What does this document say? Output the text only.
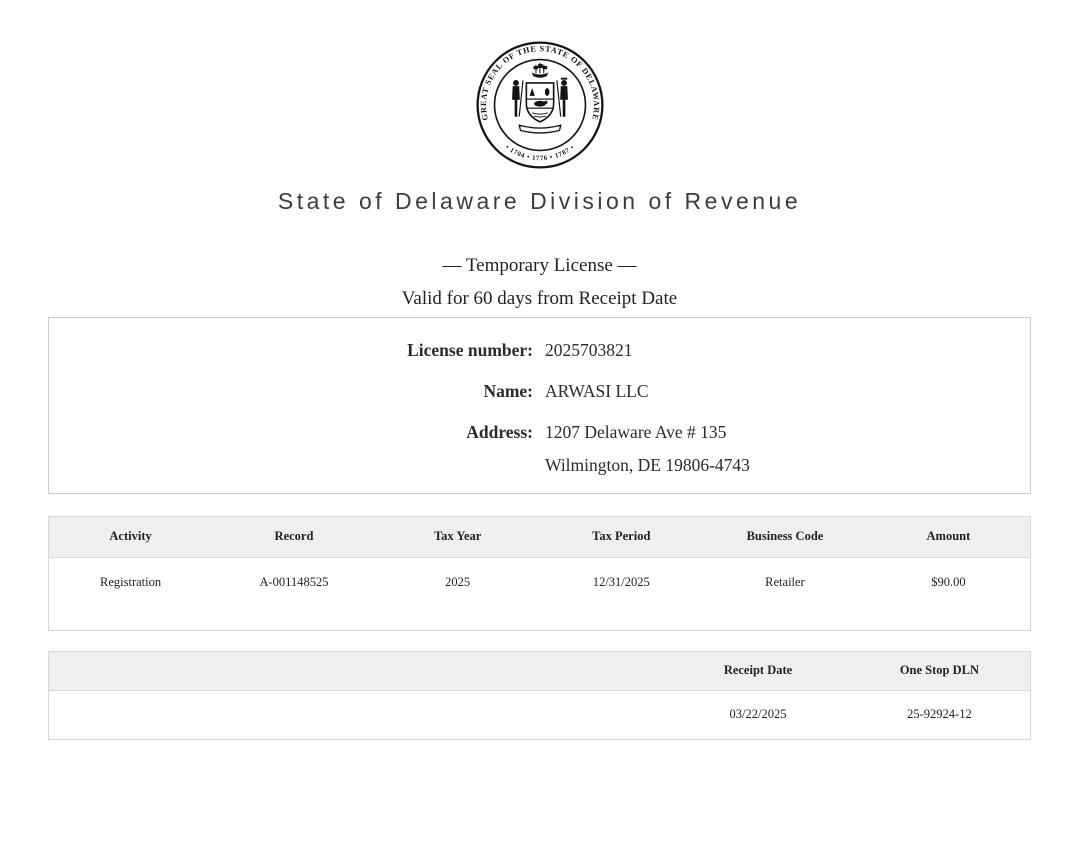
GREAT SEAL OF THE STATE OF DELAWARE
• 1704 • 1776 • 1787 •
State of Delaware Division of Revenue
— Temporary License —
Valid for 60 days from Receipt Date
License number: 2025703821
Name: ARWASI LLC
Address: 1207 Delaware Ave # 135
Wilmington, DE 19806-4743
Activity	Record	Tax Year	Tax Period	Business Code	Amount
Registration	A-001148525	2025	12/31/2025	Retailer	$90.00
	Receipt Date	One Stop DLN
	03/22/2025	25-92924-12
